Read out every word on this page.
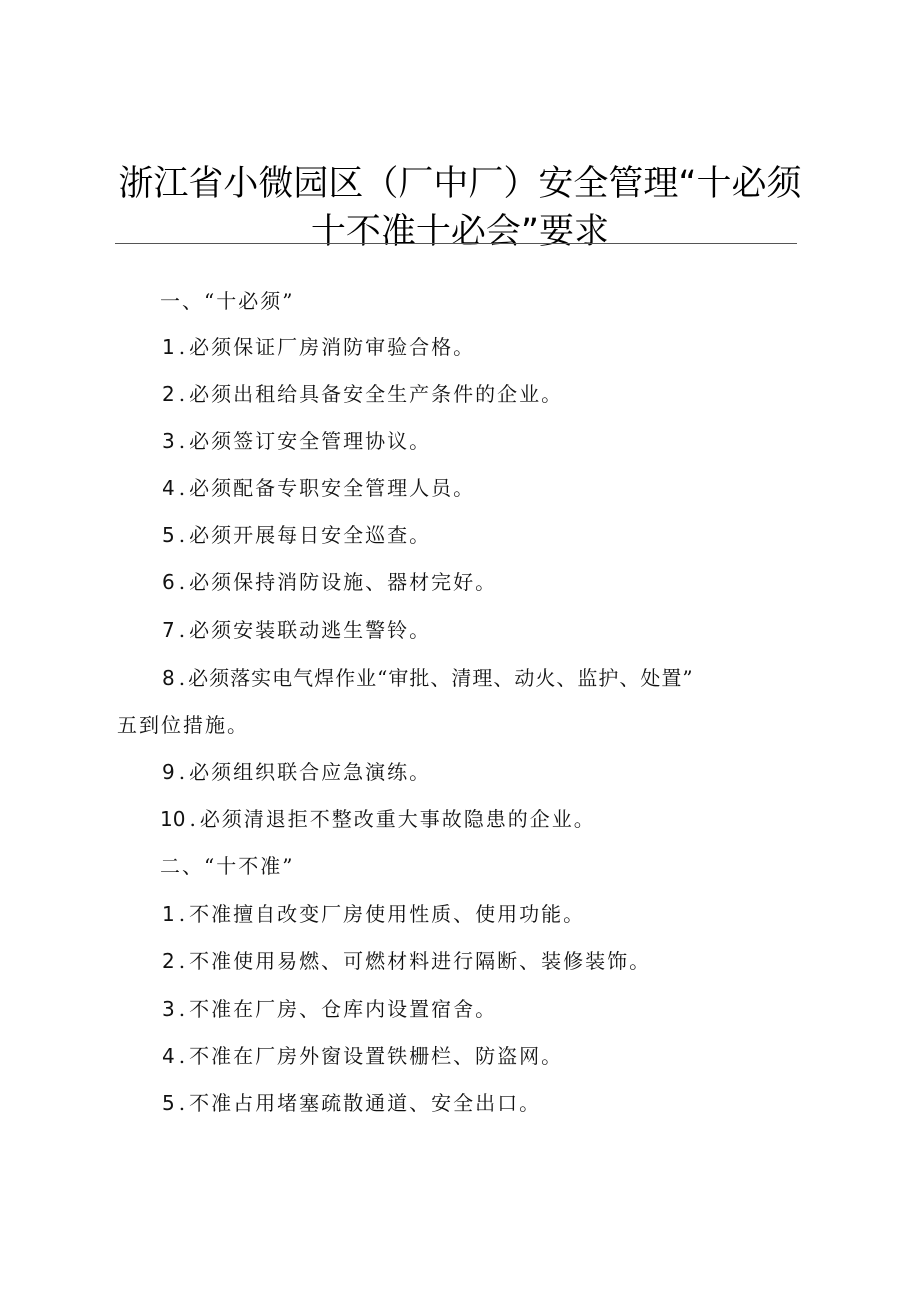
浙江省小微园区（厂中厂）安全管理“十必须
十不准十必会”要求
一、“十必须”
1 . 必须保证厂房消防审验合格。
2 . 必须出租给具备安全生产条件的企业。
3 . 必须签订安全管理协议。
4 . 必须配备专职安全管理人员。
5 . 必须开展每日安全巡查。
6 . 必须保持消防设施、器材完好。
7 . 必须安装联动逃生警铃。
8 . 必须落实电气焊作业“审批、清理、动火、监护、处置”
五到位措施。
9 . 必须组织联合应急演练。
10 . 必须清退拒不整改重大事故隐患的企业。
二、“十不准”
1 . 不准擅自改变厂房使用性质、使用功能。
2 . 不准使用易燃、可燃材料进行隔断、装修装饰。
3 . 不准在厂房、仓库内设置宿舍。
4 . 不准在厂房外窗设置铁栅栏、防盗网。
5 . 不准占用堵塞疏散通道、安全出口。
